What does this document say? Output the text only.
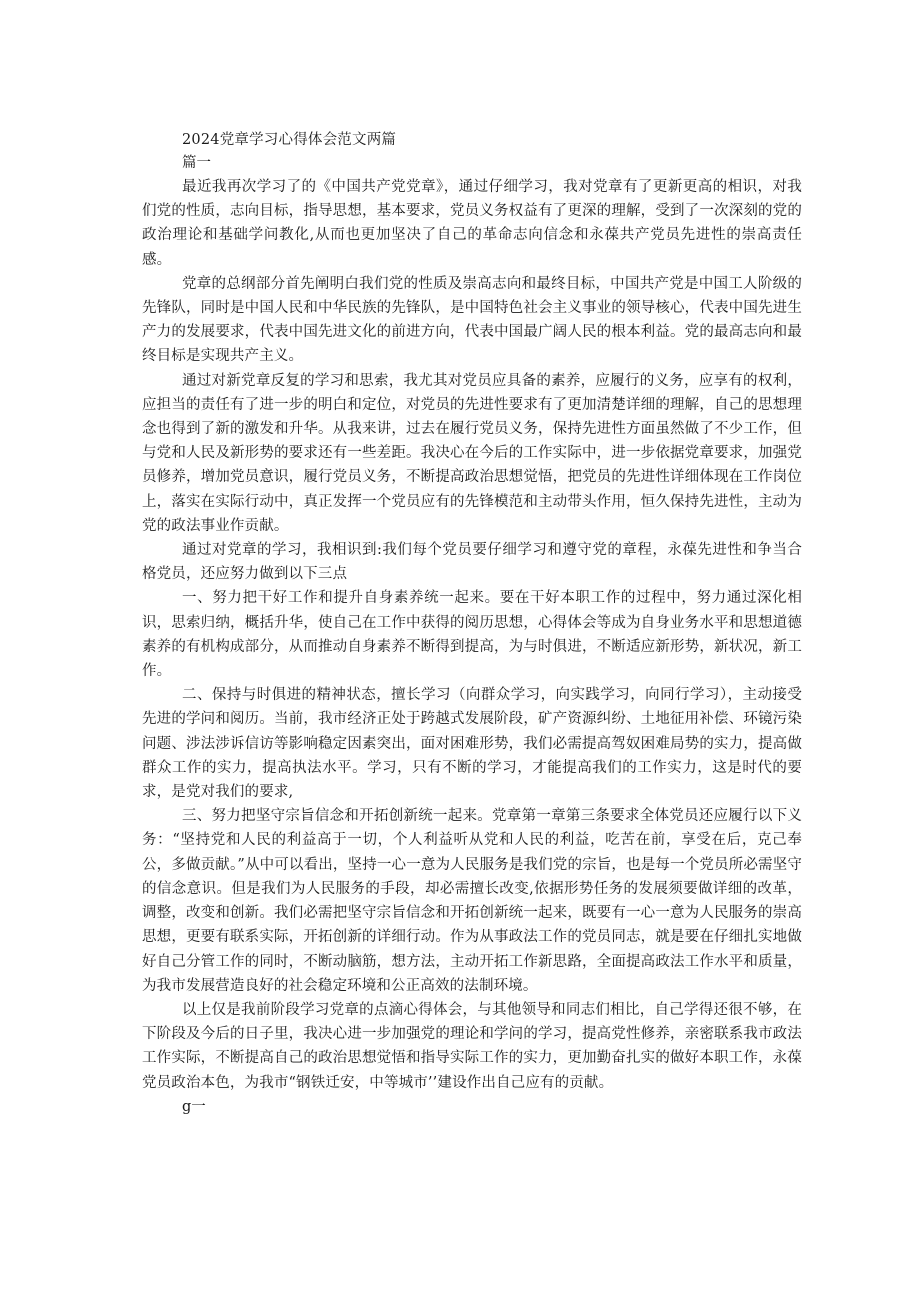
2024党章学习心得体会范文两篇
篇一

最近我再次学习了的《中国共产党党章》，通过仔细学习，我对党章有了更新更高的相识，对我们党的性质，志向目标，指导思想，基本要求，党员义务权益有了更深的理解，受到了一次深刻的党的政治理论和基础学问教化,从而也更加坚决了自己的革命志向信念和永葆共产党员先进性的崇高责任感。

党章的总纲部分首先阐明白我们党的性质及崇高志向和最终目标，中国共产党是中国工人阶级的先锋队，同时是中国人民和中华民族的先锋队，是中国特色社会主义事业的领导核心，代表中国先进生产力的发展要求，代表中国先进文化的前进方向，代表中国最广阔人民的根本利益。党的最高志向和最终目标是实现共产主义。

通过对新党章反复的学习和思索，我尤其对党员应具备的素养，应履行的义务，应享有的权利，应担当的责任有了进一步的明白和定位，对党员的先进性要求有了更加清楚详细的理解，自己的思想理念也得到了新的激发和升华。从我来讲，过去在履行党员义务，保持先进性方面虽然做了不少工作，但与党和人民及新形势的要求还有一些差距。我决心在今后的工作实际中，进一步依据党章要求，加强党员修养，增加党员意识，履行党员义务，不断提高政治思想觉悟，把党员的先进性详细体现在工作岗位上，落实在实际行动中，真正发挥一个党员应有的先锋模范和主动带头作用，恒久保持先进性，主动为党的政法事业作贡献。

通过对党章的学习，我相识到:我们每个党员要仔细学习和遵守党的章程，永葆先进性和争当合格党员，还应努力做到以下三点

一、努力把干好工作和提升自身素养统一起来。要在干好本职工作的过程中，努力通过深化相识，思索归纳，概括升华，使自己在工作中获得的阅历思想，心得体会等成为自身业务水平和思想道德素养的有机构成部分，从而推动自身素养不断得到提高，为与时俱进，不断适应新形势，新状况，新工作。

二、保持与时俱进的精神状态，擅长学习（向群众学习，向实践学习，向同行学习），主动接受先进的学问和阅历。当前，我市经济正处于跨越式发展阶段，矿产资源纠纷、土地征用补偿、环镜污染问题、涉法涉诉信访等影响稳定因素突出，面对困难形势，我们必需提高驾奴困难局势的实力，提高做群众工作的实力，提高执法水平。学习，只有不断的学习，才能提高我们的工作实力，这是时代的要求，是党对我们的要求,

三、努力把坚守宗旨信念和开拓创新统一起来。党章第一章第三条要求全体党员还应履行以下义务：“坚持党和人民的利益高于一切，个人利益听从党和人民的利益，吃苦在前，享受在后，克己奉公，多做贡献。”从中可以看出，坚持一心一意为人民服务是我们党的宗旨，也是每一个党员所必需坚守的信念意识。但是我们为人民服务的手段，却必需擅长改变,依据形势任务的发展须要做详细的改革，调整，改变和创新。我们必需把坚守宗旨信念和开拓创新统一起来，既要有一心一意为人民服务的崇高思想，更要有联系实际，开拓创新的详细行动。作为从事政法工作的党员同志，就是要在仔细扎实地做好自己分管工作的同时，不断动脑筋，想方法，主动开拓工作新思路，全面提高政法工作水平和质量，为我市发展营造良好的社会稳定环境和公正高效的法制环境。

以上仅是我前阶段学习党章的点滴心得体会，与其他领导和同志们相比，自己学得还很不够，在下阶段及今后的日子里，我决心进一步加强党的理论和学问的学习，提高党性修养，亲密联系我市政法工作实际，不断提高自己的政治思想觉悟和指导实际工作的实力，更加勤奋扎实的做好本职工作，永葆党员政治本色，为我市“钢铁迁安，中等城市’’建设作出自己应有的贡献。

g一
